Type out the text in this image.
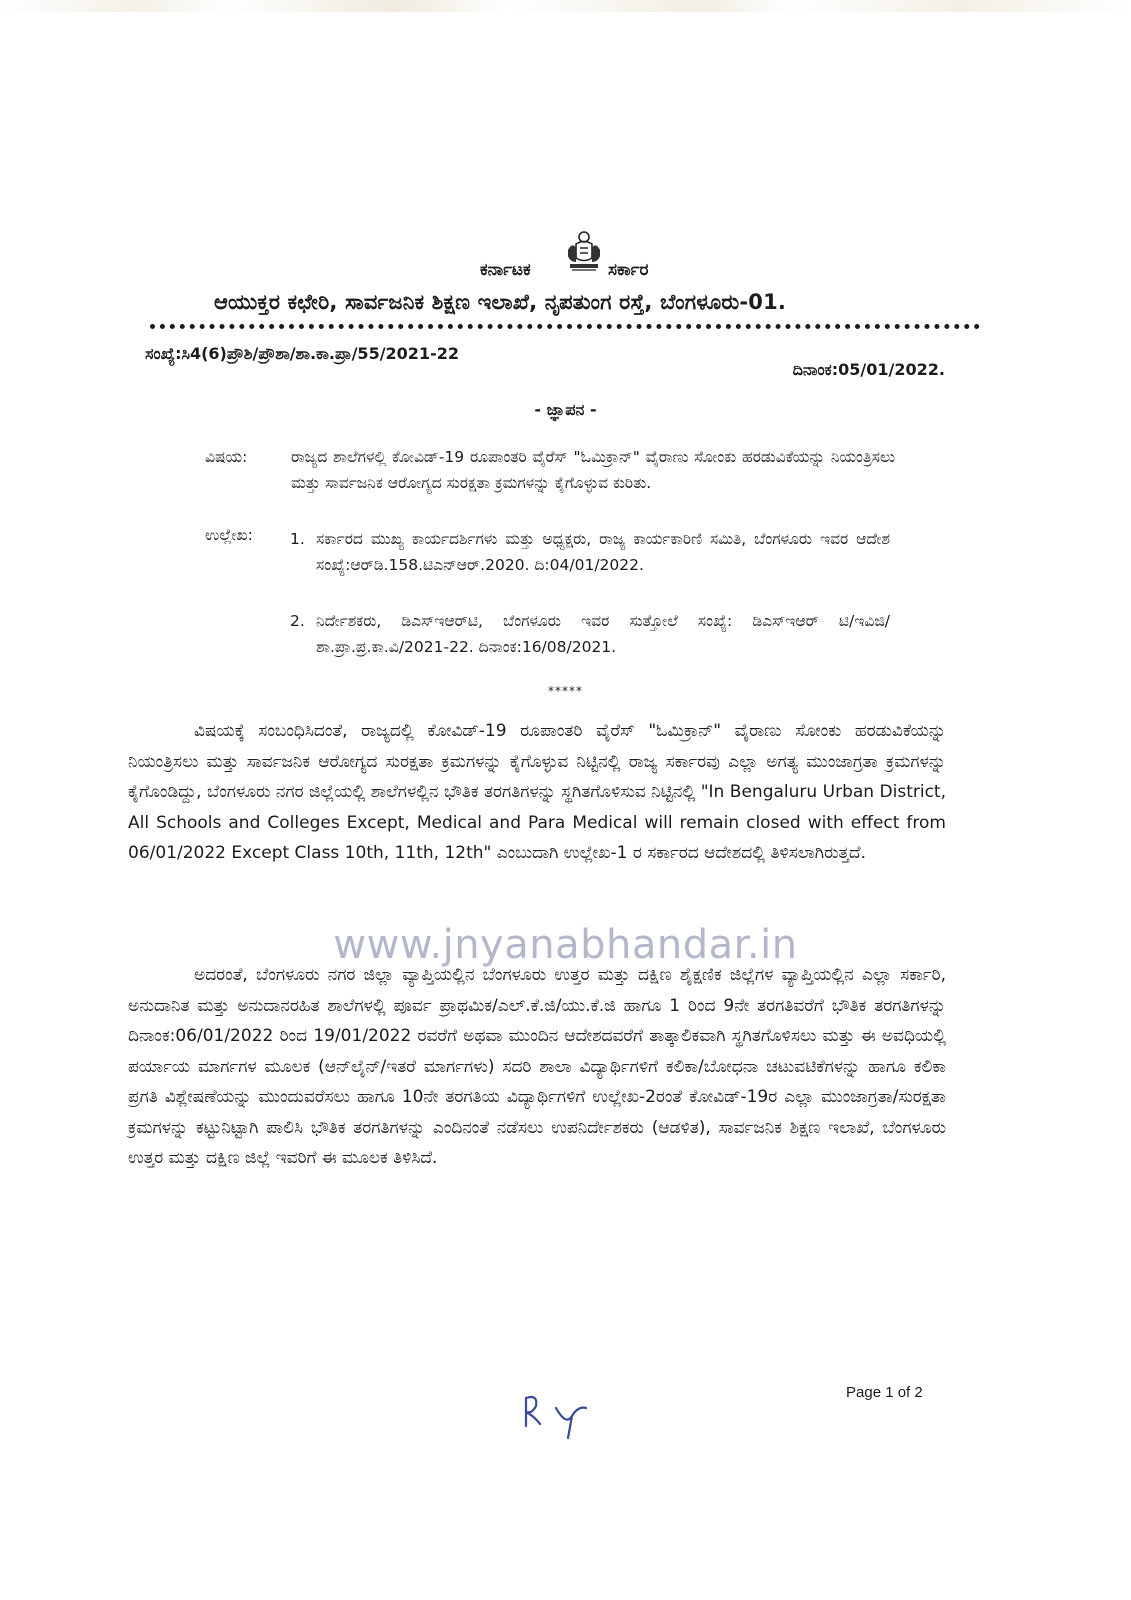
ಕರ್ನಾಟಕ	ಸರ್ಕಾರ
ಆಯುಕ್ತರ ಕಛೇರಿ, ಸಾರ್ವಜನಿಕ ಶಿಕ್ಷಣ ಇಲಾಖೆ, ನೃಪತುಂಗ ರಸ್ತೆ, ಬೆಂಗಳೂರು-01.
ಸಂಖ್ಯೆ:ಸಿ4(6)ಪ್ರೌಶಿ/ಪ್ರೌಶಾ/ಶಾ.ಕಾ.ಪ್ರಾ/55/2021-22
ದಿನಾಂಕ:05/01/2022.
- ಜ್ಞಾಪನ -
ವಿಷಯ:	ರಾಜ್ಯದ ಶಾಲೆಗಳಲ್ಲಿ ಕೋವಿಡ್-19 ರೂಪಾಂತರಿ ವೈರೆಸ್ "ಓಮಿಕ್ರಾನ್" ವೈರಾಣು ಸೋಂಕು ಹರಡುವಿಕೆಯನ್ನು ನಿಯಂತ್ರಿಸಲು ಮತ್ತು ಸಾರ್ವಜನಿಕ ಆರೋಗ್ಯದ ಸುರಕ್ಷತಾ ಕ್ರಮಗಳನ್ನು ಕೈಗೊಳ್ಳುವ ಕುರಿತು.
ಉಲ್ಲೇಖ: 1. ಸರ್ಕಾರದ ಮುಖ್ಯ ಕಾರ್ಯದರ್ಶಿಗಳು ಮತ್ತು ಅಧ್ಯಕ್ಷರು, ರಾಜ್ಯ ಕಾರ್ಯಕಾರಿಣಿ ಸಮಿತಿ, ಬೆಂಗಳೂರು ಇವರ ಆದೇಶ ಸಂಖ್ಯೆ:ಆರ್‌ಡಿ.158.ಟಿಎನ್‌ಆರ್.2020. ದಿ:04/01/2022.
2. ನಿರ್ದೇಶಕರು, ಡಿಎಸ್‌ಇಆರ್‌ಟಿ, ಬೆಂಗಳೂರು ಇವರ ಸುತ್ತೋಲೆ ಸಂಖ್ಯೆ: ಡಿಎಸ್‌ಇಆರ್ ಟಿ/ಇವಿಜಿ/ಶಾ.ಪ್ರಾ.ಪ್ರ.ಕಾ.ವಿ/2021-22. ದಿನಾಂಕ:16/08/2021.
*****
ವಿಷಯಕ್ಕೆ ಸಂಬಂಧಿಸಿದಂತೆ, ರಾಜ್ಯದಲ್ಲಿ ಕೋವಿಡ್-19 ರೂಪಾಂತರಿ ವೈರೆಸ್ "ಓಮಿಕ್ರಾನ್" ವೈರಾಣು ಸೋಂಕು ಹರಡುವಿಕೆಯನ್ನು ನಿಯಂತ್ರಿಸಲು ಮತ್ತು ಸಾರ್ವಜನಿಕ ಆರೋಗ್ಯದ ಸುರಕ್ಷತಾ ಕ್ರಮಗಳನ್ನು ಕೈಗೊಳ್ಳುವ ನಿಟ್ಟಿನಲ್ಲಿ ರಾಜ್ಯ ಸರ್ಕಾರವು ಎಲ್ಲಾ ಅಗತ್ಯ ಮುಂಜಾಗ್ರತಾ ಕ್ರಮಗಳನ್ನು ಕೈಗೊಂಡಿದ್ದು, ಬೆಂಗಳೂರು ನಗರ ಜಿಲ್ಲೆಯಲ್ಲಿ ಶಾಲೆಗಳಲ್ಲಿನ ಭೌತಿಕ ತರಗತಿಗಳನ್ನು ಸ್ಥಗಿತಗೊಳಿಸುವ ನಿಟ್ಟಿನಲ್ಲಿ "In Bengaluru Urban District, All Schools and Colleges Except, Medical and Para Medical will remain closed with effect from 06/01/2022 Except Class 10th, 11th, 12th" ಎಂಬುದಾಗಿ ಉಲ್ಲೇಖ-1 ರ ಸರ್ಕಾರದ ಆದೇಶದಲ್ಲಿ ತಿಳಿಸಲಾಗಿರುತ್ತದೆ.
www.jnyanabhandar.in
ಅದರಂತೆ, ಬೆಂಗಳೂರು ನಗರ ಜಿಲ್ಲಾ ವ್ಯಾಪ್ತಿಯಲ್ಲಿನ ಬೆಂಗಳೂರು ಉತ್ತರ ಮತ್ತು ದಕ್ಷಿಣ ಶೈಕ್ಷಣಿಕ ಜಿಲ್ಲೆಗಳ ವ್ಯಾಪ್ತಿಯಲ್ಲಿನ ಎಲ್ಲಾ ಸರ್ಕಾರಿ, ಅನುದಾನಿತ ಮತ್ತು ಅನುದಾನರಹಿತ ಶಾಲೆಗಳಲ್ಲಿ ಪೂರ್ವ ಪ್ರಾಥಮಿಕ/ಎಲ್.ಕೆ.ಜಿ/ಯು.ಕೆ.ಜಿ ಹಾಗೂ 1 ರಿಂದ 9ನೇ ತರಗತಿವರೆಗೆ ಭೌತಿಕ ತರಗತಿಗಳನ್ನು ದಿನಾಂಕ:06/01/2022 ರಿಂದ 19/01/2022 ರವರೆಗೆ ಅಥವಾ ಮುಂದಿನ ಆದೇಶದವರೆಗೆ ತಾತ್ಕಾಲಿಕವಾಗಿ ಸ್ಥಗಿತಗೊಳಿಸಲು ಮತ್ತು ಈ ಅವಧಿಯಲ್ಲಿ ಪರ್ಯಾಯ ಮಾರ್ಗಗಳ ಮೂಲಕ (ಆನ್‌ಲೈನ್/ಇತರೆ ಮಾರ್ಗಗಳು) ಸದರಿ ಶಾಲಾ ವಿದ್ಯಾರ್ಥಿಗಳಿಗೆ ಕಲಿಕಾ/ಬೋಧನಾ ಚಟುವಟಿಕೆಗಳನ್ನು ಹಾಗೂ ಕಲಿಕಾ ಪ್ರಗತಿ ವಿಶ್ಲೇಷಣೆಯನ್ನು ಮುಂದುವರೆಸಲು ಹಾಗೂ 10ನೇ ತರಗತಿಯ ವಿದ್ಯಾರ್ಥಿಗಳಿಗೆ ಉಲ್ಲೇಖ-2ರಂತೆ ಕೋವಿಡ್-19ರ ಎಲ್ಲಾ ಮುಂಜಾಗ್ರತಾ/ಸುರಕ್ಷತಾ ಕ್ರಮಗಳನ್ನು ಕಟ್ಟುನಿಟ್ಟಾಗಿ ಪಾಲಿಸಿ ಭೌತಿಕ ತರಗತಿಗಳನ್ನು ಎಂದಿನಂತೆ ನಡೆಸಲು ಉಪನಿರ್ದೇಶಕರು (ಆಡಳಿತ), ಸಾರ್ವಜನಿಕ ಶಿಕ್ಷಣ ಇಲಾಖೆ, ಬೆಂಗಳೂರು ಉತ್ತರ ಮತ್ತು ದಕ್ಷಿಣ ಜಿಲ್ಲೆ ಇವರಿಗೆ ಈ ಮೂಲಕ ತಿಳಿಸಿದೆ.
Page 1 of 2
